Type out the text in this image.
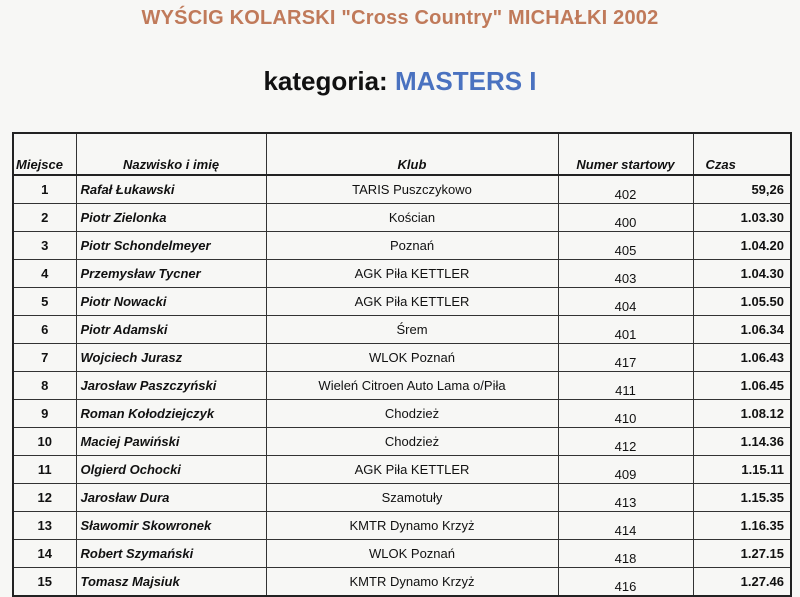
WYŚCIG KOLARSKI "Cross Country" MICHAŁKI 2002
kategoria: MASTERS I
Miejsce	Nazwisko i imię	Klub	Numer startowy	Czas
1	Rafał Łukawski	TARIS Puszczykowo	402	59,26
2	Piotr Zielonka	Kościan	400	1.03.30
3	Piotr Schondelmeyer	Poznań	405	1.04.20
4	Przemysław Tycner	AGK Piła KETTLER	403	1.04.30
5	Piotr Nowacki	AGK Piła KETTLER	404	1.05.50
6	Piotr Adamski	Śrem	401	1.06.34
7	Wojciech Jurasz	WLOK Poznań	417	1.06.43
8	Jarosław Paszczyński	Wieleń Citroen Auto Lama o/Piła	411	1.06.45
9	Roman Kołodziejczyk	Chodzież	410	1.08.12
10	Maciej Pawiński	Chodzież	412	1.14.36
11	Olgierd Ochocki	AGK Piła KETTLER	409	1.15.11
12	Jarosław Dura	Szamotuły	413	1.15.35
13	Sławomir Skowronek	KMTR Dynamo Krzyż	414	1.16.35
14	Robert Szymański	WLOK Poznań	418	1.27.15
15	Tomasz Majsiuk	KMTR Dynamo Krzyż	416	1.27.46
